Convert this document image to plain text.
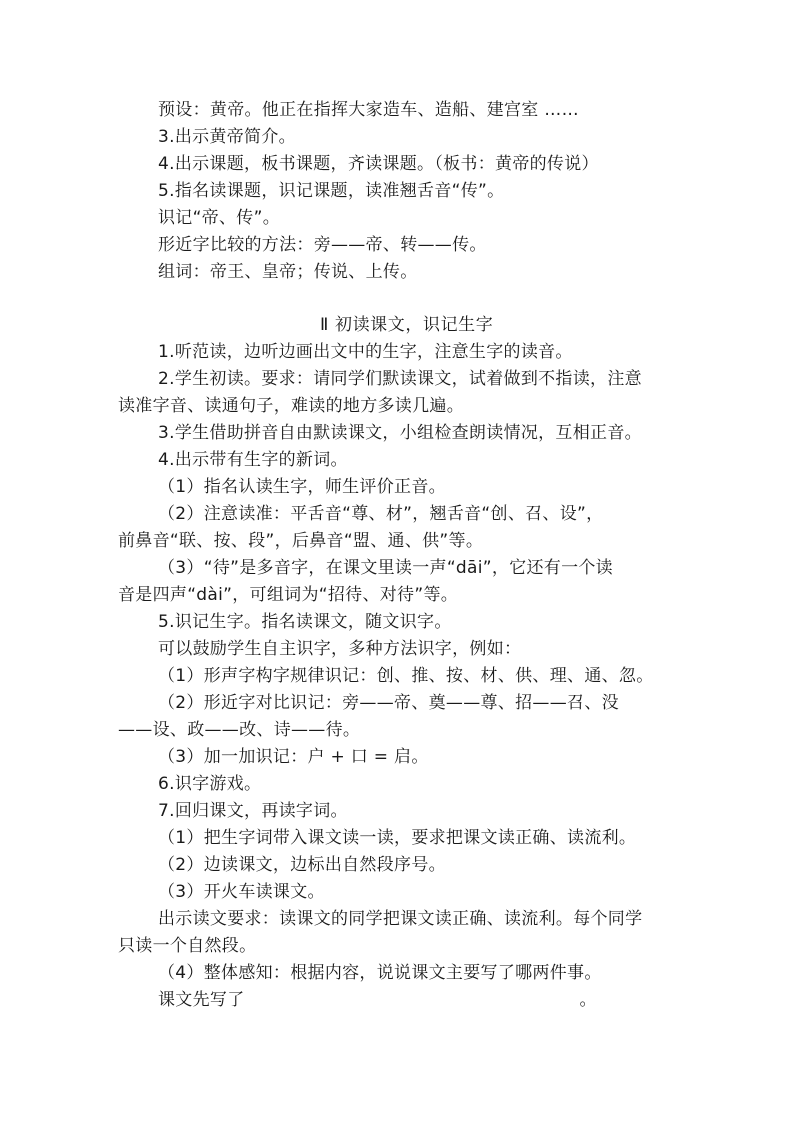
预设：黄帝。他正在指挥大家造车、造船、建宫室 ……
3.出示黄帝简介。
4.出示课题，板书课题，齐读课题。（板书：黄帝的传说）
5.指名读课题，识记课题，读准翘舌音“传”。
识记“帝、传”。
形近字比较的方法：旁——帝、转——传。
组词：帝王、皇帝；传说、上传。
Ⅱ 初读课文，识记生字
1.听范读，边听边画出文中的生字，注意生字的读音。
2.学生初读。要求：请同学们默读课文，试着做到不指读，注意
读准字音、读通句子，难读的地方多读几遍。
3.学生借助拼音自由默读课文，小组检查朗读情况，互相正音。
4.出示带有生字的新词。
（1）指名认读生字，师生评价正音。
（2）注意读准：平舌音“尊、材”，翘舌音“创、召、设”，
前鼻音“联、按、段”，后鼻音“盟、通、供”等。
（3）“待”是多音字，在课文里读一声“dāi”，它还有一个读
音是四声“dài”，可组词为“招待、对待”等。
5.识记生字。指名读课文，随文识字。
可以鼓励学生自主识字，多种方法识字，例如：
（1）形声字构字规律识记：创、推、按、材、供、理、通、忽。
（2）形近字对比识记：旁——帝、奠——尊、招——召、没
——设、政——改、诗——待。
（3）加一加识记：户 + 口 = 启。
6.识字游戏。
7.回归课文，再读字词。
（1）把生字词带入课文读一读，要求把课文读正确、读流利。
（2）边读课文，边标出自然段序号。
（3）开火车读课文。
出示读文要求：读课文的同学把课文读正确、读流利。每个同学
只读一个自然段。
（4）整体感知：根据内容，说说课文主要写了哪两件事。
课文先写了	。
